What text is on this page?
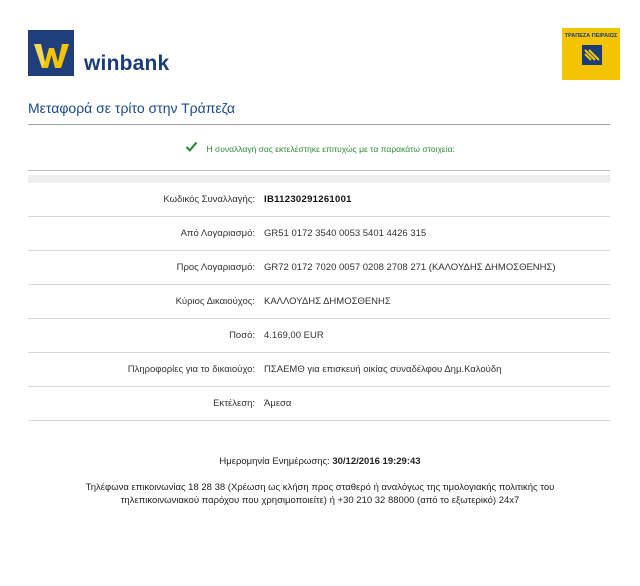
winbank
ΤΡΑΠΕΖΑ ΠΕΙΡΑΙΩΣ
Μεταφορά σε τρίτο στην Τράπεζα
Η συναλλαγή σας εκτελέστηκε επιτυχώς με τα παρακάτω στοιχεία:
Κωδικός Συναλλαγής: IB11230291261001
Από Λογαριασμό: GR51 0172 3540 0053 5401 4426 315
Προς Λογαριασμό: GR72 0172 7020 0057 0208 2708 271 (ΚΑΛΟΥΔΗΣ ΔΗΜΟΣΘΕΝΗΣ)
Κύριος Δικαιούχος: ΚΑΛΛΟΥΔΗΣ ΔΗΜΟΣΘΕΝΗΣ
Ποσό: 4.169,00 EUR
Πληροφορίες για το δικαιούχο: ΠΣΑΕΜΘ για επισκευή οικίας συναδέλφου Δημ.Καλούδη
Εκτέλεση: Άμεσα
Ημερομηνία Ενημέρωσης: 30/12/2016 19:29:43
Τηλέφωνα επικοινωνίας 18 28 38 (Χρέωση ως κλήση προς σταθερό ή αναλόγως της τιμολογιακής πολιτικής του
τηλεπικοινωνιακού παρόχου που χρησιμοποιείτε) ή +30 210 32 88000 (από το εξωτερικό) 24x7
